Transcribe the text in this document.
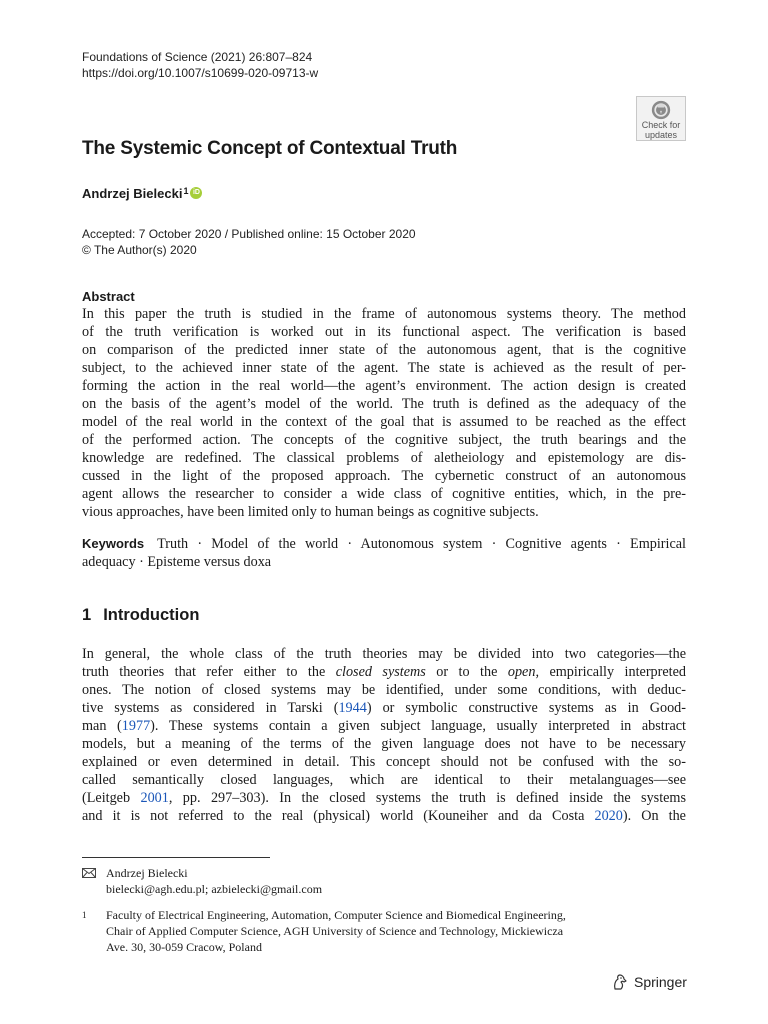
Foundations of Science (2021) 26:807–824
https://doi.org/10.1007/s10699-020-09713-w
Check for
updates
The Systemic Concept of Contextual Truth
Andrzej Bielecki 1 iD
Accepted: 7 October 2020 / Published online: 15 October 2020
© The Author(s) 2020
Abstract
In this paper the truth is studied in the frame of autonomous systems theory. The method
of the truth verification is worked out in its functional aspect. The verification is based
on comparison of the predicted inner state of the autonomous agent, that is the cognitive
subject, to the achieved inner state of the agent. The state is achieved as the result of per-
forming the action in the real world—the agent’s environment. The action design is created
on the basis of the agent’s model of the world. The truth is defined as the adequacy of the
model of the real world in the context of the goal that is assumed to be reached as the effect
of the performed action. The concepts of the cognitive subject, the truth bearings and the
knowledge are redefined. The classical problems of aletheiology and epistemology are dis-
cussed in the light of the proposed approach. The cybernetic construct of an autonomous
agent allows the researcher to consider a wide class of cognitive entities, which, in the pre-
vious approaches, have been limited only to human beings as cognitive subjects.
Keywords Truth · Model of the world · Autonomous system · Cognitive agents · Empirical
adequacy · Episteme versus doxa
1 Introduction
In general, the whole class of the truth theories may be divided into two categories—the
truth theories that refer either to the closed systems or to the open, empirically interpreted
ones. The notion of closed systems may be identified, under some conditions, with deduc-
tive systems as considered in Tarski (1944) or symbolic constructive systems as in Good-
man (1977). These systems contain a given subject language, usually interpreted in abstract
models, but a meaning of the terms of the given language does not have to be necessary
explained or even determined in detail. This concept should not be confused with the so-
called semantically closed languages, which are identical to their metalanguages—see
(Leitgeb 2001, pp. 297–303). In the closed systems the truth is defined inside the systems
and it is not referred to the real (physical) world (Kouneiher and da Costa 2020). On the
Andrzej Bielecki
bielecki@agh.edu.pl; azbielecki@gmail.com
1 Faculty of Electrical Engineering, Automation, Computer Science and Biomedical Engineering,
Chair of Applied Computer Science, AGH University of Science and Technology, Mickiewicza
Ave. 30, 30-059 Cracow, Poland
Springer
